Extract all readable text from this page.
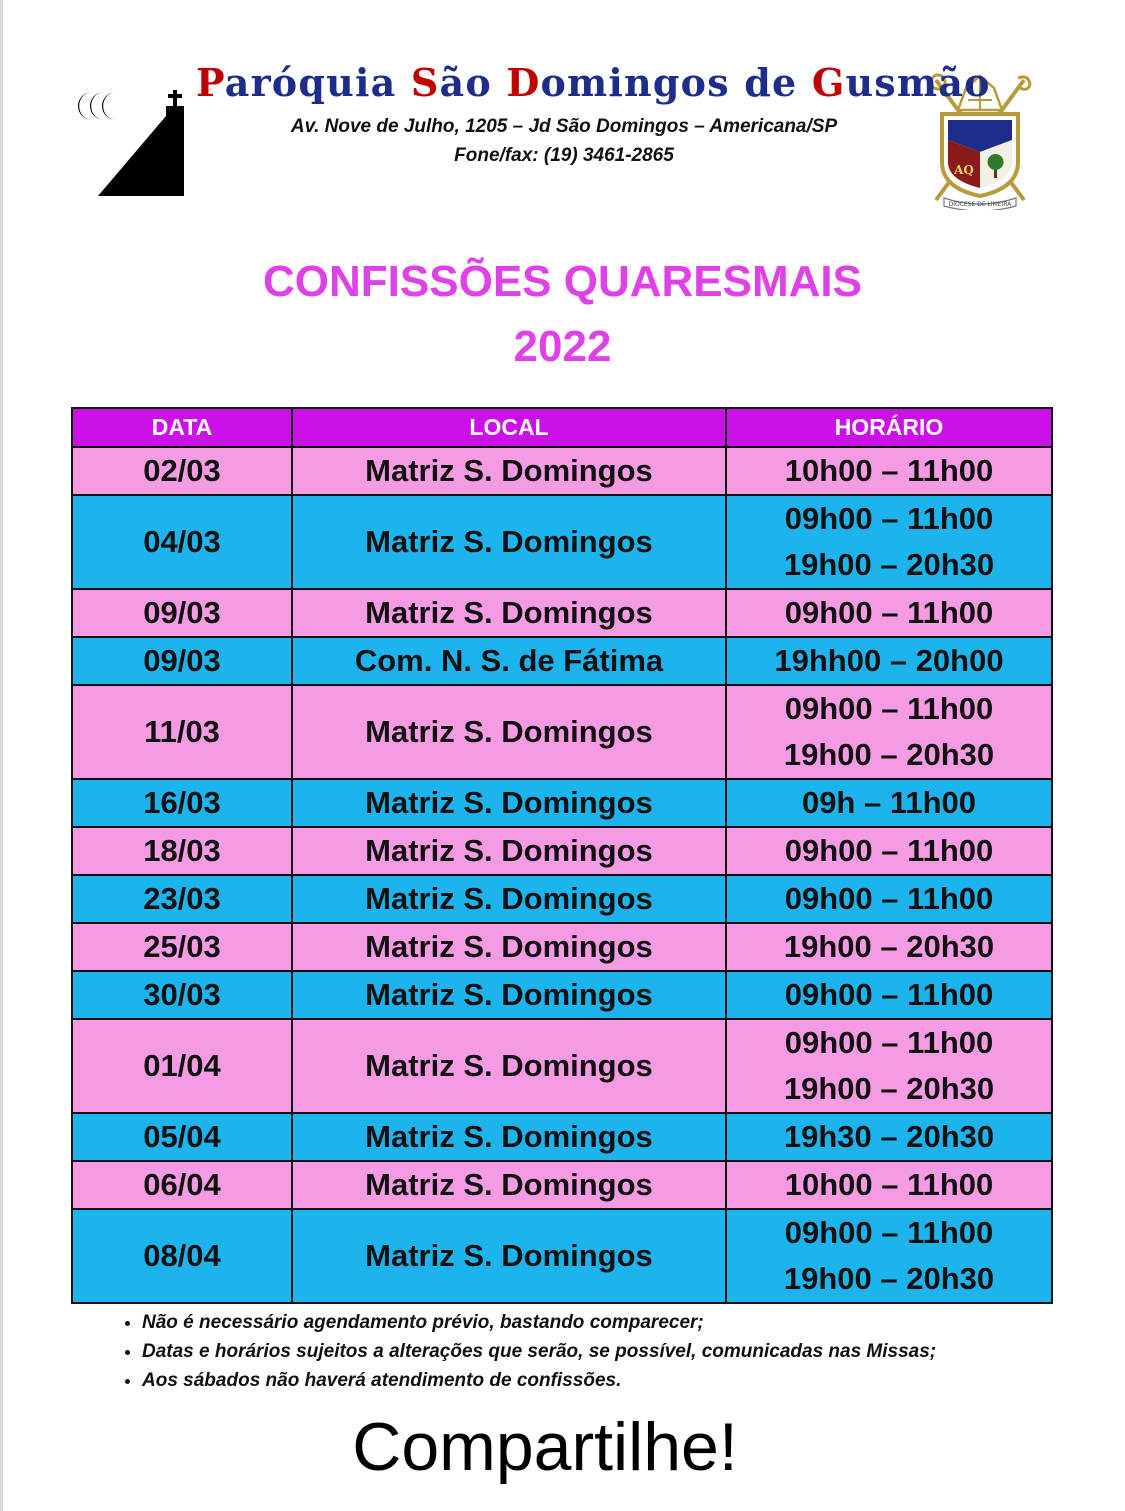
AQ
DIOCESE DE LIMEIRA
Paróquia São Domingos de Gusmão
Av. Nove de Julho, 1205 – Jd São Domingos – Americana/SP
Fone/fax: (19) 3461-2865
CONFISSÕES QUARESMAIS
2022
DATA	LOCAL	HORÁRIO
02/03	Matriz S. Domingos	10h00 – 11h00

04/03	Matriz S. Domingos	09h00 – 11h00
19h00 – 20h30

09/03	Matriz S. Domingos	09h00 – 11h00

09/03	Com. N. S. de Fátima	19hh00 – 20h00

11/03	Matriz S. Domingos	09h00 – 11h00
19h00 – 20h30

16/03	Matriz S. Domingos	09h – 11h00

18/03	Matriz S. Domingos	09h00 – 11h00

23/03	Matriz S. Domingos	09h00 – 11h00

25/03	Matriz S. Domingos	19h00 – 20h30

30/03	Matriz S. Domingos	09h00 – 11h00

01/04	Matriz S. Domingos	09h00 – 11h00
19h00 – 20h30

05/04	Matriz S. Domingos	19h30 – 20h30

06/04	Matriz S. Domingos	10h00 – 11h00

08/04	Matriz S. Domingos	09h00 – 11h00
19h00 – 20h30
• Não é necessário agendamento prévio, bastando comparecer;
• Datas e horários sujeitos a alterações que serão, se possível, comunicadas nas Missas;
• Aos sábados não haverá atendimento de confissões.
Compartilhe!
